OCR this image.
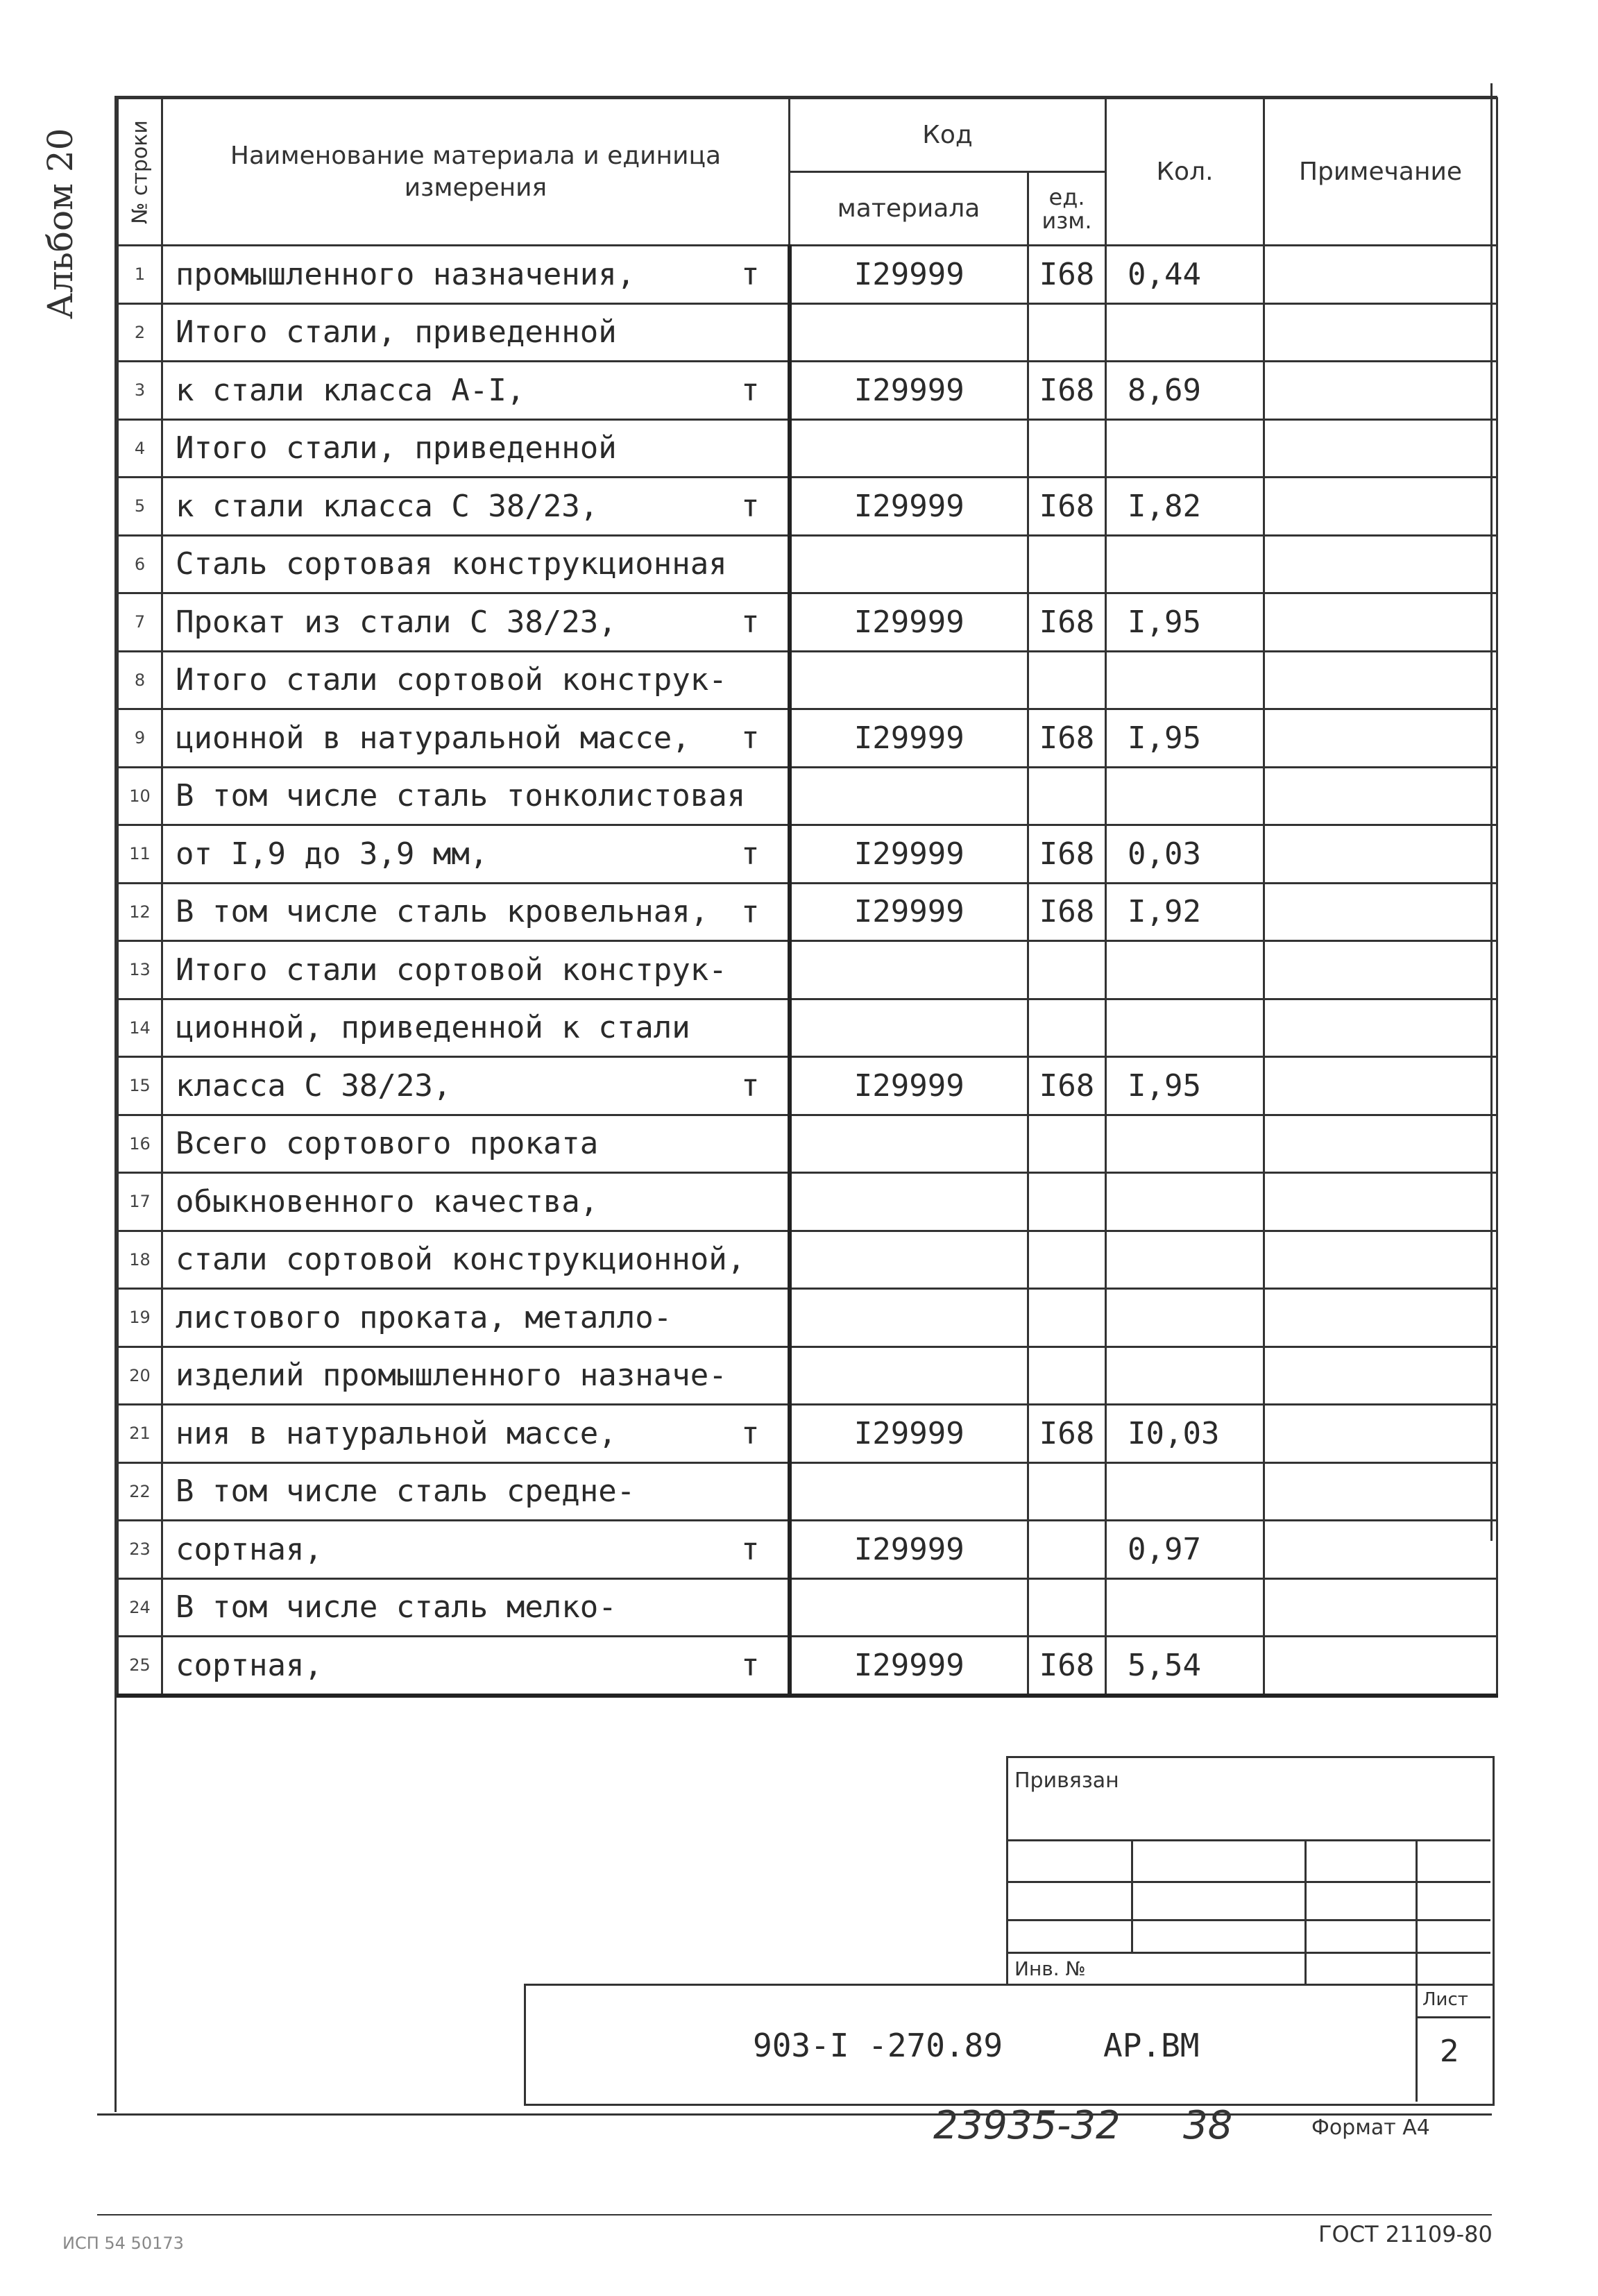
Альбом 20	№ строки	Наименование материала и единица измерения	Код		Кол.	Примечание
		материала	ед. изм.		
1	промышленного назначения, т	I29999	I68	0,44	
2	Итого стали, приведенной

3	к стали класса А-I, т	I29999	I68	8,69	
4	Итого стали, приведенной

5	к стали класса С 38/23, т	I29999	I68	I,82	
6	Сталь сортовая конструкционная

7	Прокат из стали С 38/23, т	I29999	I68	I,95	
8	Итого стали сортовой конструк-

9	ционной в натуральной массе, т	I29999	I68	I,95	
10	В том числе сталь тонколистовая

11	от I,9 до 3,9 мм, т	I29999	I68	0,03	
12	В том числе сталь кровельная, т	I29999	I68	I,92	
13	Итого стали сортовой конструк-

14	ционной, приведенной к стали

15	класса С 38/23, т	I29999	I68	I,95	
16	Всего сортового проката

17	обыкновенного качества,

18	стали сортовой конструкционной,

19	листового проката, металло-

20	изделий промышленного назначе-

21	ния в натуральной массе, т	I29999	I68	I0,03	
22	В том числе сталь средне-

23	сортная, т	I29999		0,97	
24	В том числе сталь мелко-

25	сортная, т	I29999	I68	5,54	
Привязан
Инв. №
903-I -270.89	АР.ВМ
Лист
2
23935-32 38	Формат А4
ГОСТ 21109-80
ИСП 54 50173
